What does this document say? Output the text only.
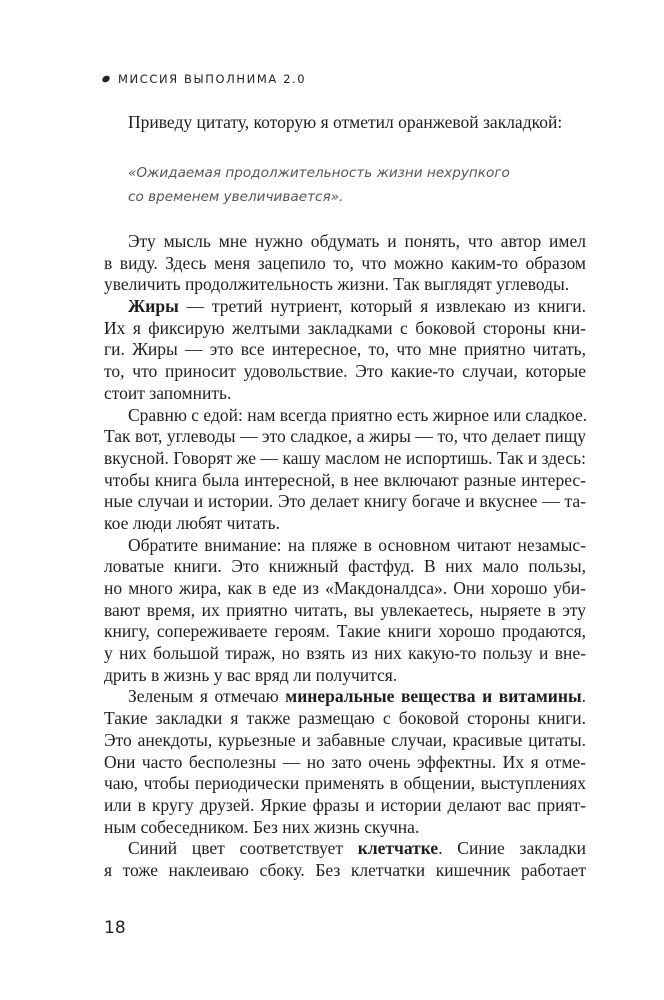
МИССИЯ ВЫПОЛНИМА 2.0
Приведу цитату, которую я отметил оранжевой закладкой:
«Ожидаемая продолжительность жизни нехрупкого
со временем увеличивается».
Эту мысль мне нужно обдумать и понять, что автор имел
в виду. Здесь меня зацепило то, что можно каким-то образом
увеличить продолжительность жизни. Так выглядят углеводы.
Жиры — третий нутриент, который я извлекаю из книги.
Их я фиксирую желтыми закладками с боковой стороны кни-
ги. Жиры — это все интересное, то, что мне приятно читать,
то, что приносит удовольствие. Это какие-то случаи, которые
стоит запомнить.
Сравню с едой: нам всегда приятно есть жирное или сладкое.
Так вот, углеводы — это сладкое, а жиры — то, что делает пищу
вкусной. Говорят же — кашу маслом не испортишь. Так и здесь:
чтобы книга была интересной, в нее включают разные интерес-
ные случаи и истории. Это делает книгу богаче и вкуснее — та-
кое люди любят читать.
Обратите внимание: на пляже в основном читают незамыс-
ловатые книги. Это книжный фастфуд. В них мало пользы,
но много жира, как в еде из «Макдоналдса». Они хорошо уби-
вают время, их приятно читать, вы увлекаетесь, ныряете в эту
книгу, сопереживаете героям. Такие книги хорошо продаются,
у них большой тираж, но взять из них какую-то пользу и вне-
дрить в жизнь у вас вряд ли получится.
Зеленым я отмечаю минеральные вещества и витамины.
Такие закладки я также размещаю с боковой стороны книги.
Это анекдоты, курьезные и забавные случаи, красивые цитаты.
Они часто бесполезны — но зато очень эффектны. Их я отме-
чаю, чтобы периодически применять в общении, выступлениях
или в кругу друзей. Яркие фразы и истории делают вас прият-
ным собеседником. Без них жизнь скучна.
Синий цвет соответствует клетчатке. Синие закладки
я тоже наклеиваю сбоку. Без клетчатки кишечник работает
18
